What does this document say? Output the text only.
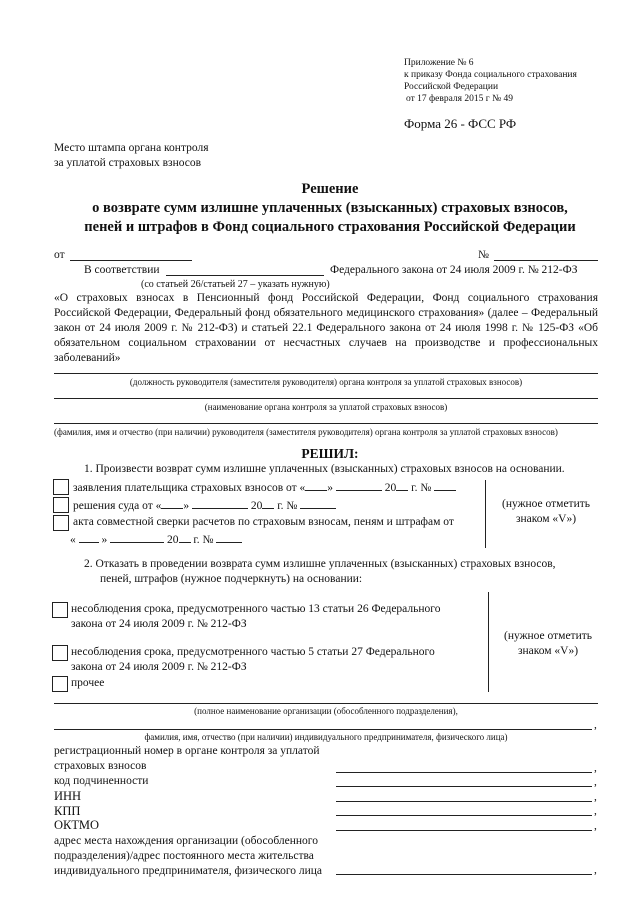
Приложение № 6
к приказу Фонда социального страхования
Российской Федерации
от 17 февраля 2015 г № 49
Форма 26 - ФСС РФ
Место штампа органа контроля
за уплатой страховых взносов
Решение
о возврате сумм излишне уплаченных (взысканных) страховых взносов,
пеней и штрафов в Фонд социального страхования Российской Федерации
от	№
В соответствии	Федерального закона от 24 июля 2009 г. № 212-ФЗ
(со статьей 26/статьей 27 – указать нужную)
«О страховых взносах в Пенсионный фонд Российской Федерации, Фонд социального страхования Российской Федерации, Федеральный фонд обязательного медицинского страхования» (далее – Федеральный закон от 24 июля 2009 г. № 212-ФЗ) и статьей 22.1 Федерального закона от 24 июля 1998 г. № 125-ФЗ «Об обязательном социальном страховании от несчастных случаев на производстве и профессиональных заболеваний»
(должность руководителя (заместителя руководителя) органа контроля за уплатой страховых взносов)
(наименование органа контроля за уплатой страховых взносов)
(фамилия, имя и отчество (при наличии) руководителя (заместителя руководителя) органа контроля за уплатой страховых взносов)
РЕШИЛ:
1. Произвести возврат сумм излишне уплаченных (взысканных) страховых взносов на основании.
заявления плательщика страховых взносов от « »	20 г. №
решения суда от « »	20 г. №
акта совместной сверки расчетов по страховым взносам, пеням и штрафам от
« »	20 г. №
(нужное отметить знаком «V»)
2. Отказать в проведении возврата сумм излишне уплаченных (взысканных) страховых взносов,
пеней, штрафов (нужное подчеркнуть) на основании:
несоблюдения срока, предусмотренного частью 13 статьи 26 Федерального
закона от 24 июля 2009 г. № 212-ФЗ
несоблюдения срока, предусмотренного частью 5 статьи 27 Федерального
закона от 24 июля 2009 г. № 212-ФЗ
прочее
(нужное отметить знаком «V»)
(полное наименование организации (обособленного подразделения),
,
фамилия, имя, отчество (при наличии) индивидуального предпринимателя, физического лица)
регистрационный номер в органе контроля за уплатой
страховых взносов	,
код подчиненности	,
ИНН	,
КПП	,
ОКТМО	,
адрес места нахождения организации (обособленного
подразделения)/адрес постоянного места жительства
индивидуального предпринимателя, физического лица	,
